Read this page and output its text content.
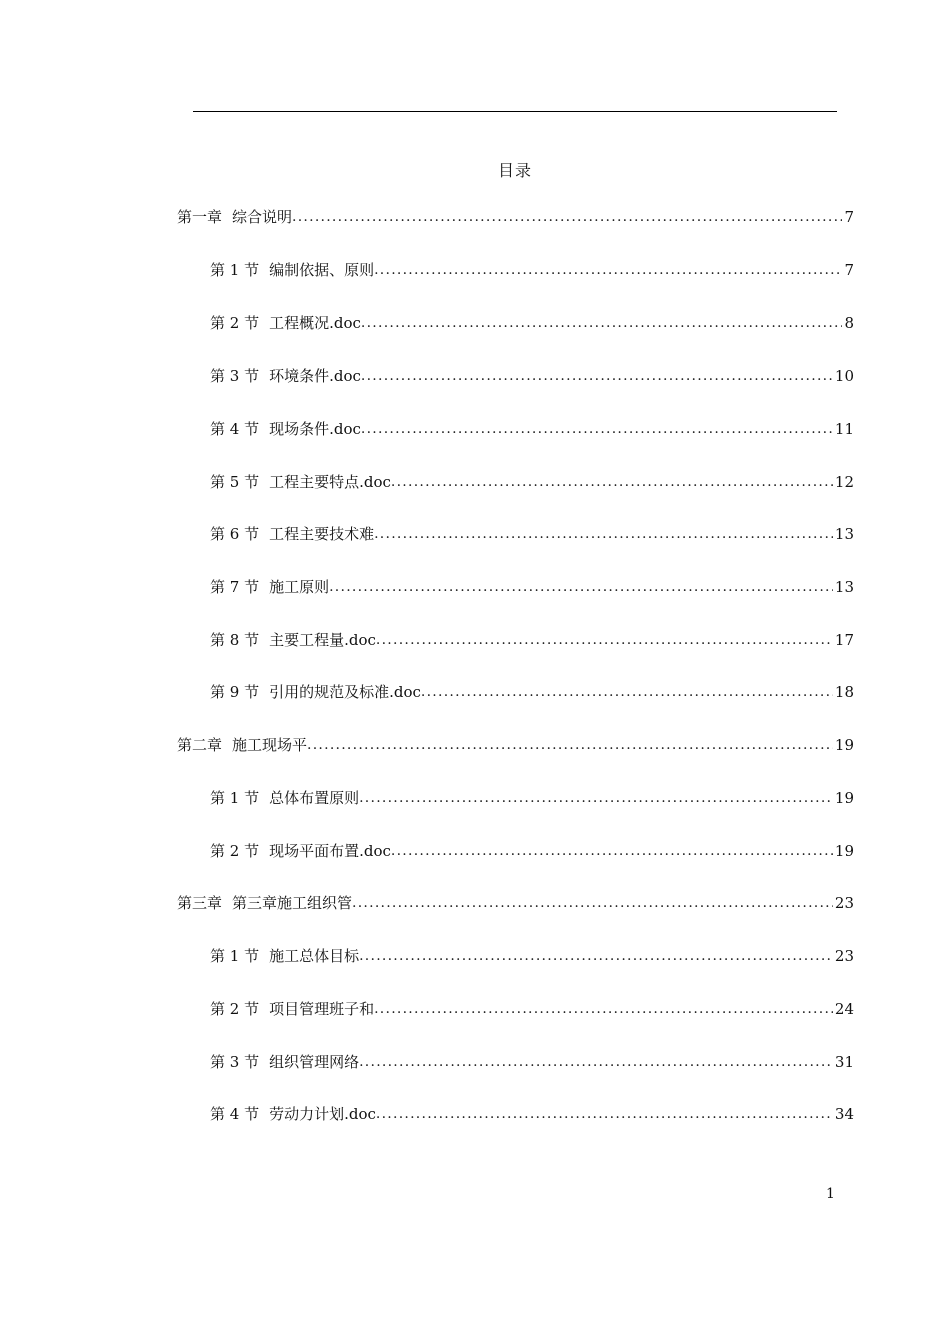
目录
第一章 综合说明 . . .	7
第 1 节 编制依据、原则 . . .	7
第 2 节 工程概况.doc . . .	8
第 3 节 环境条件.doc . . .	10
第 4 节 现场条件.doc . . .	11
第 5 节 工程主要特点.doc . . .	12
第 6 节 工程主要技术难 . . .	13
第 7 节 施工原则 . . .	13
第 8 节 主要工程量.doc . . .	17
第 9 节 引用的规范及标准.doc . . .	18
第二章 施工现场平 . . .	19
第 1 节 总体布置原则 . . .	19
第 2 节 现场平面布置.doc . . .	19
第三章 第三章施工组织管 . . .	23
第 1 节 施工总体目标 . . .	23
第 2 节 项目管理班子和 . . .	24
第 3 节 组织管理网络 . . .	31
第 4 节 劳动力计划.doc . . .	34
1
